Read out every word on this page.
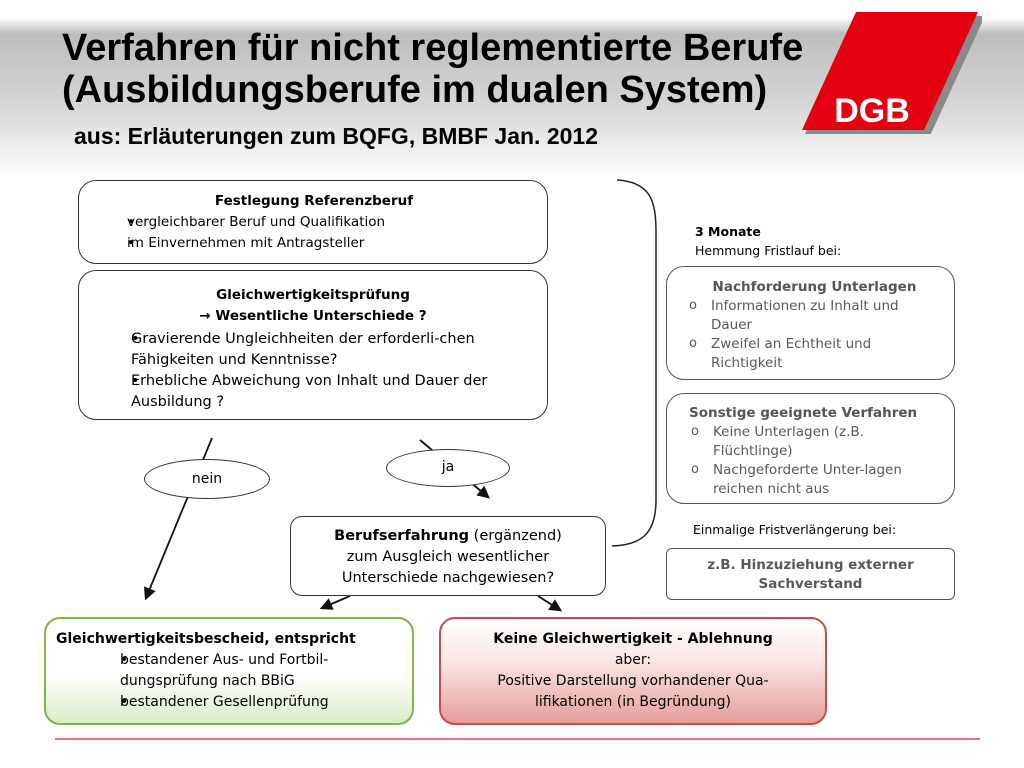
Verfahren für nicht reglementierte Berufe
(Ausbildungsberufe im dualen System)
aus: Erläuterungen zum BQFG, BMBF Jan. 2012
DGB
Festlegung Referenzberuf
• vergleichbarer Beruf und Qualifikation
• im Einvernehmen mit Antragsteller
Gleichwertigkeitsprüfung
→ Wesentliche Unterschiede ?
• Gravierende Ungleichheiten der erforderli-chen Fähigkeiten und Kenntnisse?
• Erhebliche Abweichung von Inhalt und Dauer der Ausbildung ?
nein
ja
Berufserfahrung (ergänzend)
zum Ausgleich wesentlicher
Unterschiede nachgewiesen?
Gleichwertigkeitsbescheid, entspricht
• bestandener Aus- und Fortbil-dungsprüfung nach BBiG
• bestandener Gesellenprüfung
Keine Gleichwertigkeit - Ablehnung
aber:
Positive Darstellung vorhandener Qua-
lifikationen (in Begründung)
3 Monate
Hemmung Fristlauf bei:
Nachforderung Unterlagen
o Informationen zu Inhalt und Dauer
o Zweifel an Echtheit und Richtigkeit
Sonstige geeignete Verfahren
o Keine Unterlagen (z.B. Flüchtlinge)
o Nachgeforderte Unter-lagen reichen nicht aus
Einmalige Fristverlängerung bei:
z.B. Hinzuziehung externer
Sachverstand
